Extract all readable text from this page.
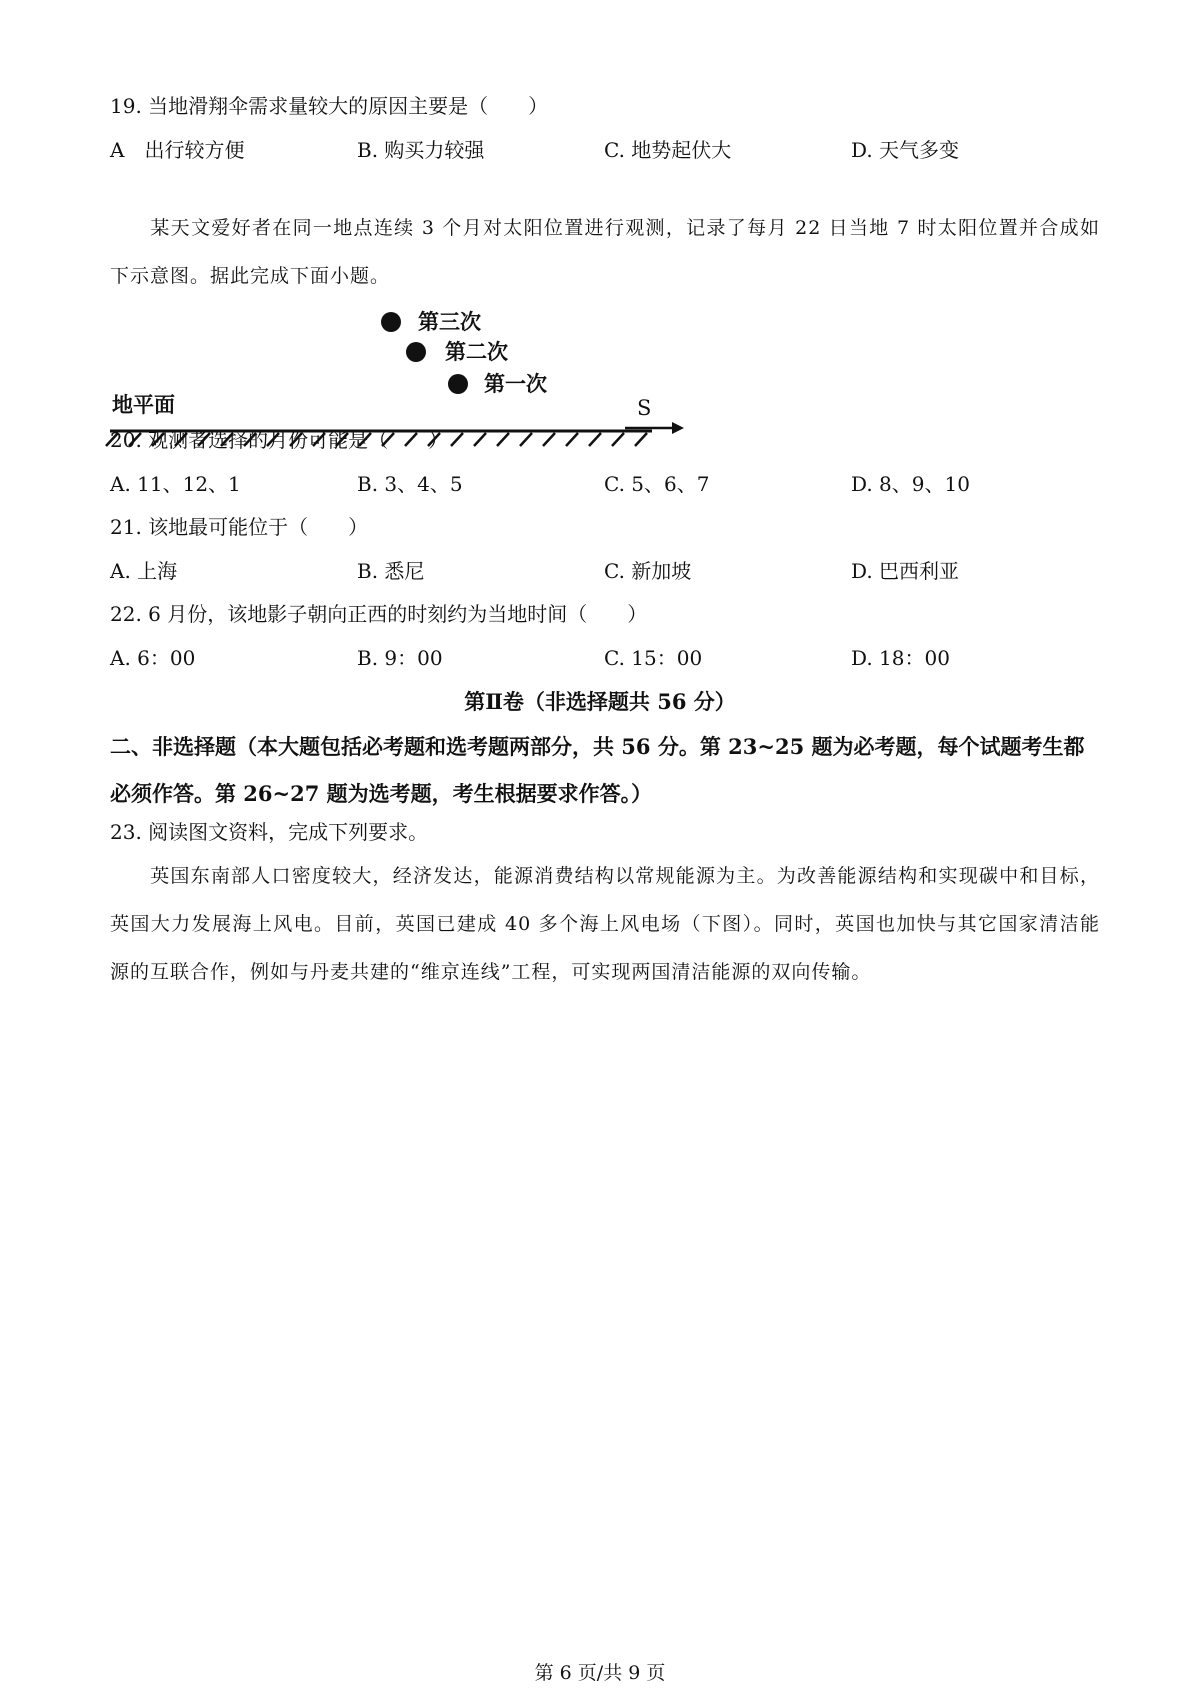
19. 当地滑翔伞需求量较大的原因主要是（　　）
A　出行较方便	B. 购买力较强	C. 地势起伏大	D. 天气多变
某天文爱好者在同一地点连续 3 个月对太阳位置进行观测，记录了每月 22 日当地 7 时太阳位置并合成如下示意图。据此完成下面小题。
第三次
第二次
第一次
地平面	S
20. 观测者选择的月份可能是（　　）
A. 11、12、1	B. 3、4、5	C. 5、6、7	D. 8、9、10
21. 该地最可能位于（　　）
A. 上海	B. 悉尼	C. 新加坡	D. 巴西利亚
22. 6 月份，该地影子朝向正西的时刻约为当地时间（　　）
A. 6：00	B. 9：00	C. 15：00	D. 18：00
第Ⅱ卷（非选择题共 56 分）
二、非选择题（本大题包括必考题和选考题两部分，共 56 分。第 23~25 题为必考题，每个试题考生都必须作答。第 26~27 题为选考题，考生根据要求作答。）
23. 阅读图文资料，完成下列要求。
英国东南部人口密度较大，经济发达，能源消费结构以常规能源为主。为改善能源结构和实现碳中和目标，英国大力发展海上风电。目前，英国已建成 40 多个海上风电场（下图）。同时，英国也加快与其它国家清洁能源的互联合作，例如与丹麦共建的“维京连线”工程，可实现两国清洁能源的双向传输。
第 6 页/共 9 页
